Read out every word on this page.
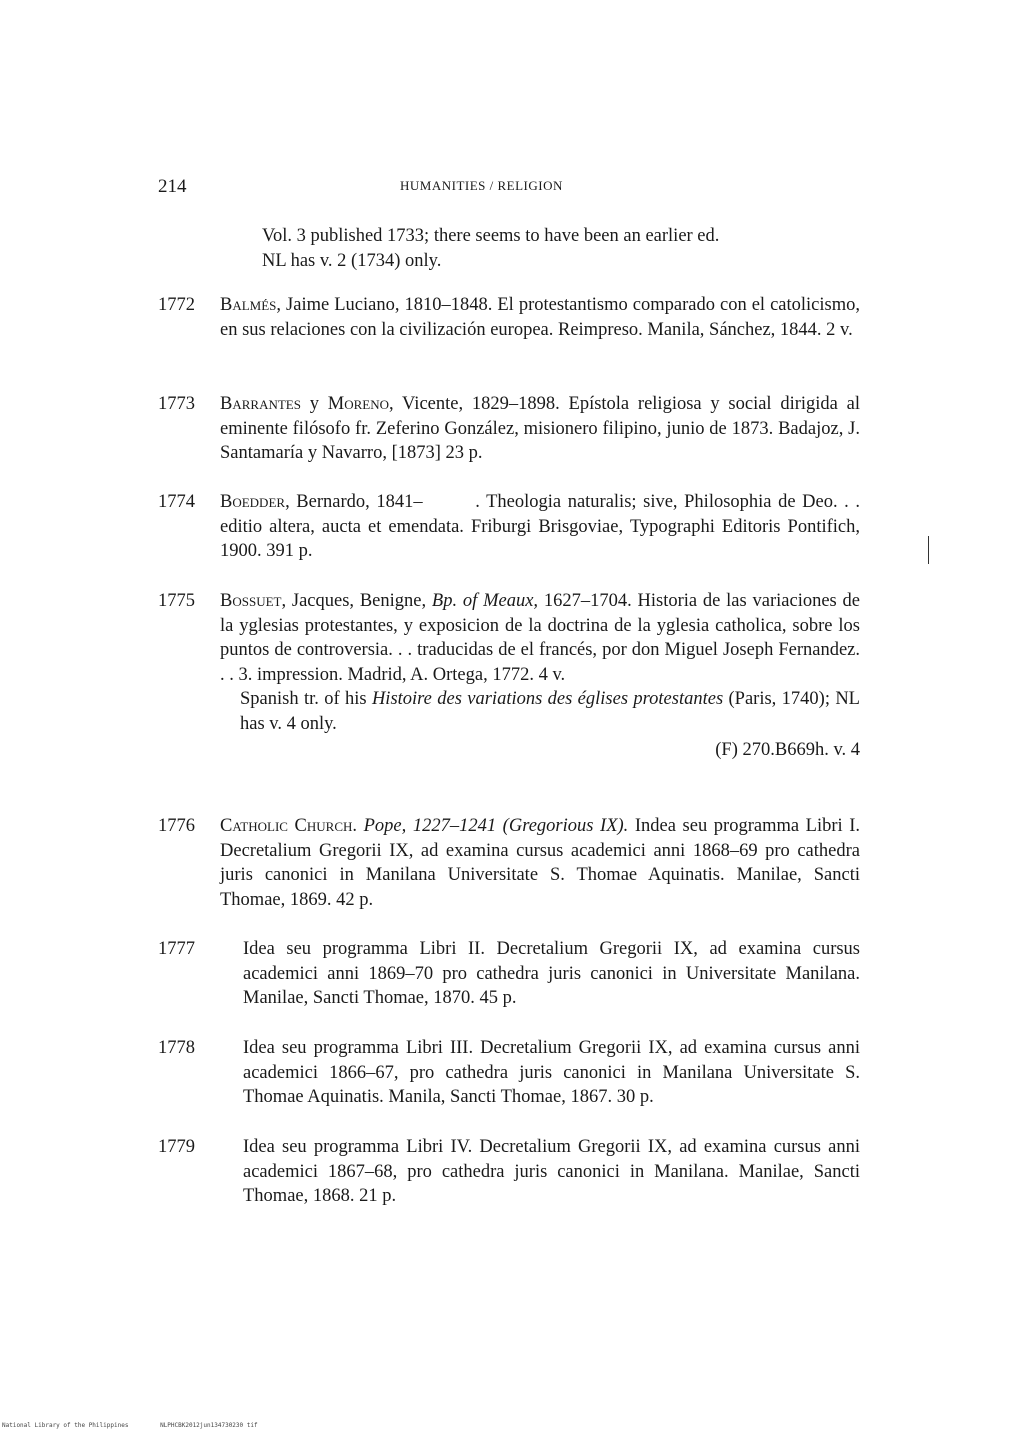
214	HUMANITIES / RELIGION
Vol. 3 published 1733; there seems to have been an earlier ed.
NL has v. 2 (1734) only.
1772 Balmés, Jaime Luciano, 1810–1848. El protestantismo comparado con el catolicismo, en sus relaciones con la civilización europea. Reimpreso. Manila, Sánchez, 1844. 2 v.
1773 Barrantes y Moreno, Vicente, 1829–1898. Epístola religiosa y social dirigida al eminente filósofo fr. Zeferino González, misionero filipino, junio de 1873. Badajoz, J. Santamaría y Navarro, [1873] 23 p.
1774 Boedder, Bernardo, 1841–        . Theologia naturalis; sive, Philosophia de Deo. . . editio altera, aucta et emendata. Friburgi Brisgoviae, Typographi Editoris Pontifich, 1900. 391 p.
1775 Bossuet, Jacques, Benigne, Bp. of Meaux, 1627–1704. Historia de las variaciones de la yglesias protestantes, y exposicion de la doctrina de la yglesia catholica, sobre los puntos de controversia. . . traducidas de el francés, por don Miguel Joseph Fernandez. . . 3. impression. Madrid, A. Ortega, 1772. 4 v.
Spanish tr. of his Histoire des variations des églises protestantes (Paris, 1740); NL has v. 4 only.
(F) 270.B669h. v. 4
1776 Catholic Church. Pope, 1227–1241 (Gregorious IX). Indea seu programma Libri I. Decretalium Gregorii IX, ad examina cursus academici anni 1868–69 pro cathedra juris canonici in Manilana Universitate S. Thomae Aquinatis. Manilae, Sancti Thomae, 1869. 42 p.
1777	Idea seu programma Libri II. Decretalium Gregorii IX, ad examina cursus academici anni 1869–70 pro cathedra juris canonici in Universitate Manilana. Manilae, Sancti Thomae, 1870. 45 p.
1778	Idea seu programma Libri III. Decretalium Gregorii IX, ad examina cursus anni academici 1866–67, pro cathedra juris canonici in Manilana Universitate S. Thomae Aquinatis. Manila, Sancti Thomae, 1867. 30 p.
1779	Idea seu programma Libri IV. Decretalium Gregorii IX, ad examina cursus anni academici 1867–68, pro cathedra juris canonici in Manilana. Manilae, Sancti Thomae, 1868. 21 p.
National Library of the Philippines	NLPHCBK2012jun134730230 tif
